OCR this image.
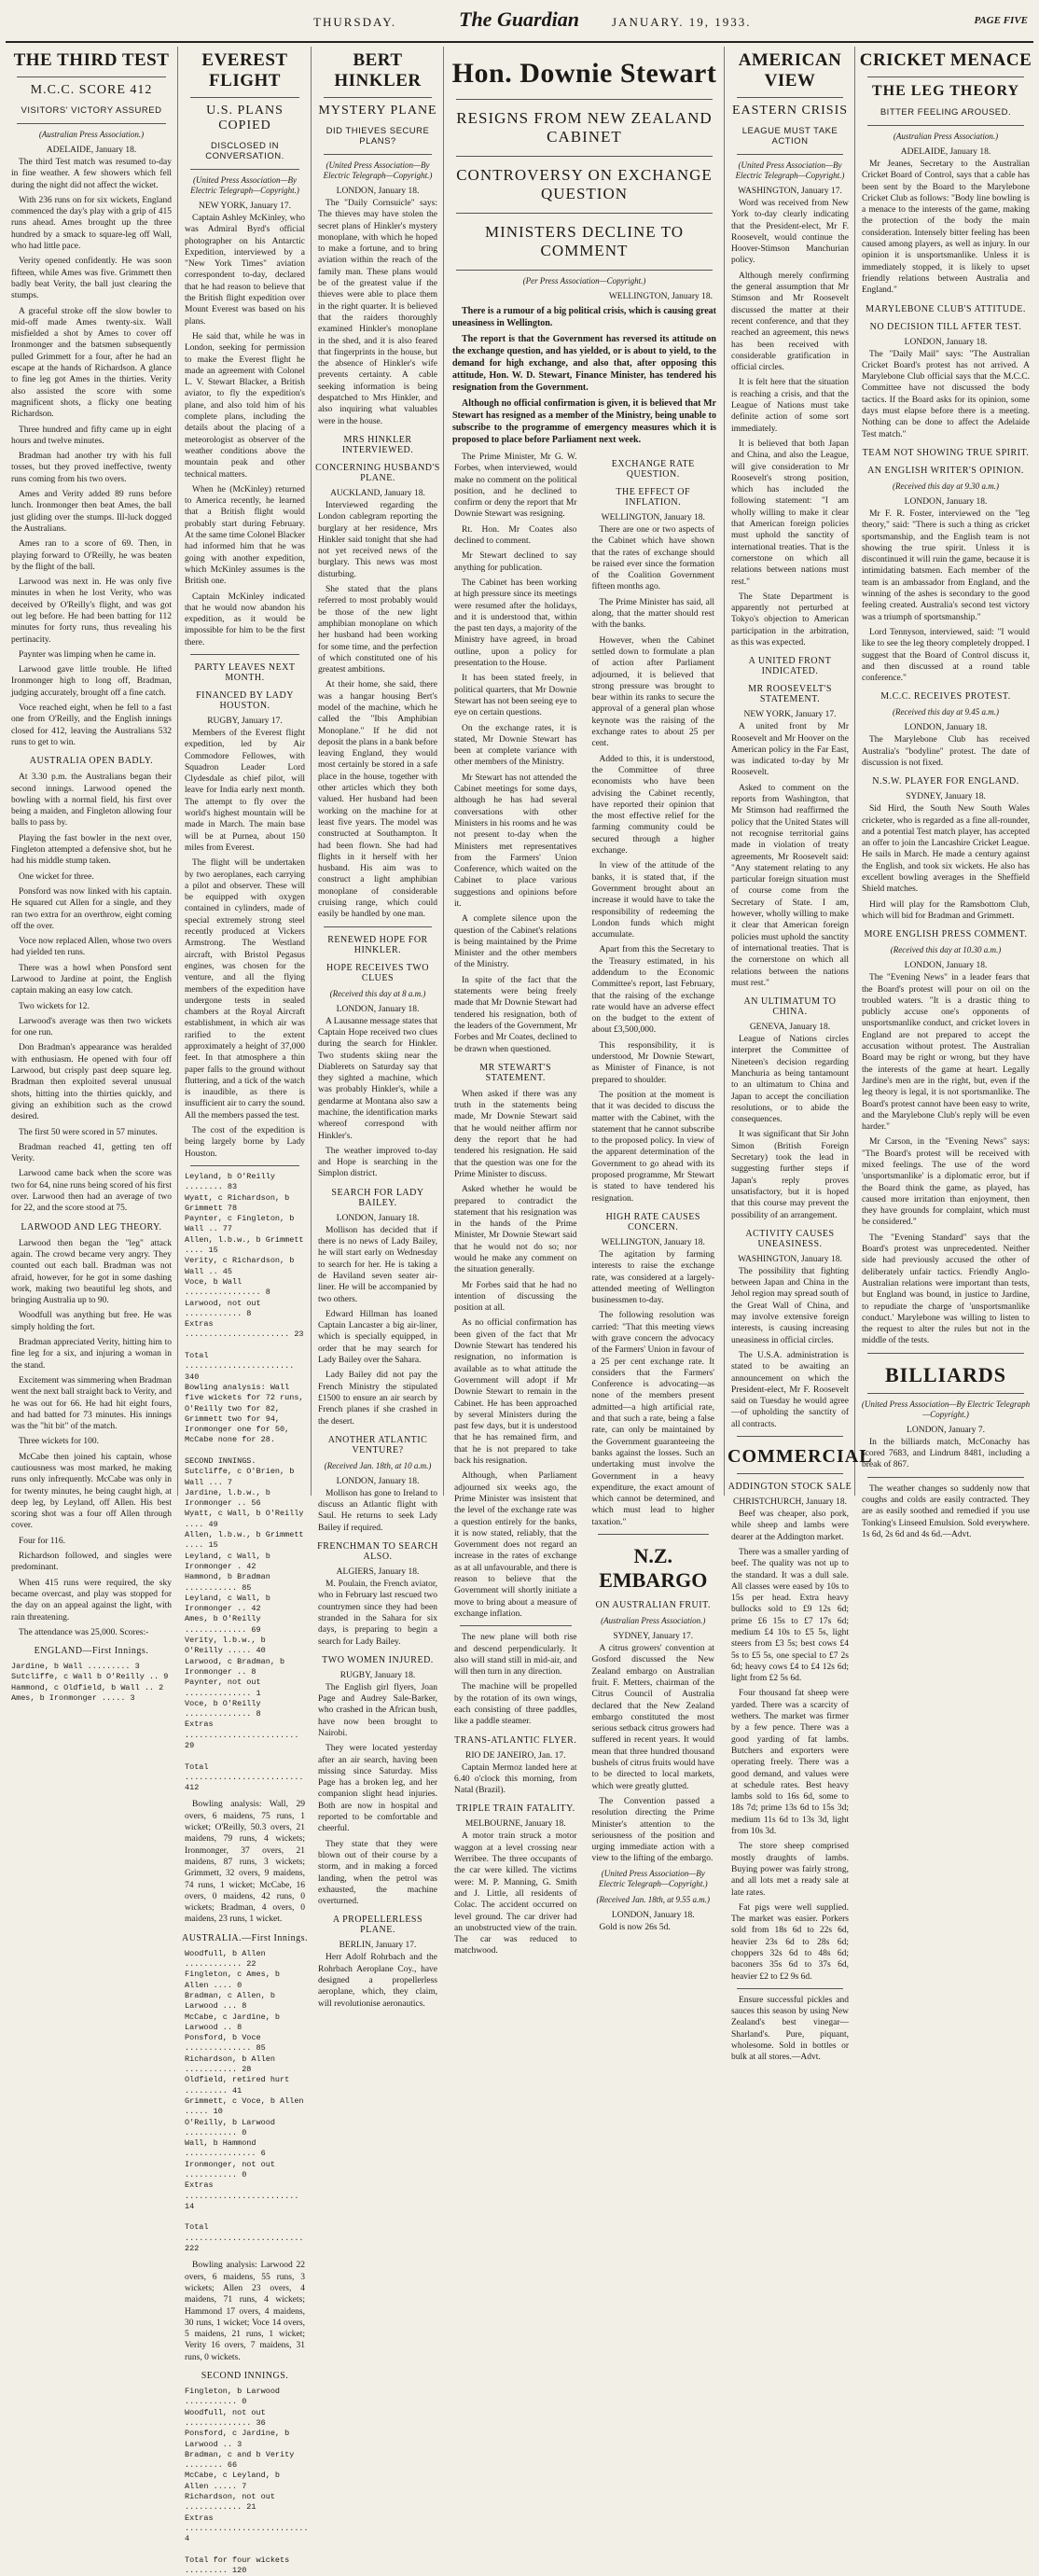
THURSDAY.	The Guardian	JANUARY. 19, 1933.	PAGE FIVE
THE THIRD TEST
M.C.C. SCORE 412
VISITORS' VICTORY ASSURED
(Australian Press Association.)
ADELAIDE, January 18.
The third Test match was resumed to-day in fine weather. A few showers which fell during the night did not affect the wicket.
With 236 runs on for six wickets, England commenced the day's play with a grip of 415 runs ahead. Ames brought up the three hundred by a smack to square-leg off Wall, who had little pace.
Verity opened confidently. He was soon fifteen, while Ames was five. Grimmett then badly beat Verity, the ball just clearing the stumps.
A graceful stroke off the slow bowler to mid-off made Ames twenty-six. Wall misfielded a shot by Ames to cover off Ironmonger and the batsmen subsequently pulled Grimmett for a four, after he had an escape at the hands of Richardson. A glance to fine leg got Ames in the thirties. Verity also assisted the score with some magnificent shots, a flicky one beating Richardson.
Three hundred and fifty came up in eight hours and twelve minutes.
Bradman had another try with his full tosses, but they proved ineffective, twenty runs coming from his two overs.
Ames and Verity added 89 runs before lunch. Ironmonger then beat Ames, the ball just gliding over the stumps. Ill-luck dogged the Australians.
Ames ran to a score of 69. Then, in playing forward to O'Reilly, he was beaten by the flight of the ball.
Larwood was next in. He was only five minutes in when he lost Verity, who was deceived by O'Reilly's flight, and was got out leg before. He had been batting for 112 minutes for forty runs, thus revealing his pertinacity.
Paynter was limping when he came in.
Larwood gave little trouble. He lifted Ironmonger high to long off, Bradman, judging accurately, brought off a fine catch.
Voce reached eight, when he fell to a fast one from O'Reilly, and the English innings closed for 412, leaving the Australians 532 runs to get to win.
AUSTRALIA OPEN BADLY.
At 3.30 p.m. the Australians began their second innings. Larwood opened the bowling with a normal field, his first over being a maiden, and Fingleton allowing four balls to pass by.
Playing the fast bowler in the next over, Fingleton attempted a defensive shot, but he had his middle stump taken.
One wicket for three.
Ponsford was now linked with his captain. He squared cut Allen for a single, and they ran two extra for an overthrow, eight coming off the over.
Voce now replaced Allen, whose two overs had yielded ten runs.
There was a howl when Ponsford sent Larwood to Jardine at point, the English captain making an easy low catch.
Two wickets for 12.
Larwood's average was then two wickets for one run.
Don Bradman's appearance was heralded with enthusiasm. He opened with four off Larwood, but crisply past deep square leg. Bradman then exploited several unusual shots, hitting into the thirties quickly, and giving an exhibition such as the crowd desired.
The first 50 were scored in 57 minutes.
Bradman reached 41, getting ten off Verity.
Larwood came back when the score was two for 64, nine runs being scored of his first over. Larwood then had an average of two for 22, and the score stood at 75.
LARWOOD AND LEG THEORY.
Larwood then began the "leg" attack again. The crowd became very angry. They counted out each ball. Bradman was not afraid, however, for he got in some dashing work, making two beautiful leg shots, and bringing Australia up to 90.
Woodfull was anything but free. He was simply holding the fort.
Bradman appreciated Verity, hitting him to fine leg for a six, and injuring a woman in the stand.
Excitement was simmering when Bradman went the next ball straight back to Verity, and he was out for 66. He had hit eight fours, and had batted for 73 minutes. His innings was the "hit bit" of the match.
Three wickets for 100.
McCabe then joined his captain, whose cautiousness was most marked, he making runs only infrequently. McCabe was only in for twenty minutes, he being caught high, at deep leg, by Leyland, off Allen. His best scoring shot was a four off Allen through cover.
Four for 116.
Richardson followed, and singles were predominant.
When 415 runs were required, the sky became overcast, and play was stopped for the day on an appeal against the light, with rain threatening.
The attendance was 25,000. Scores:-
ENGLAND—First Innings.
Jardine, b Wall ......... 3
Sutcliffe, c Wall b O'Reilly .. 9
Hammond, c Oldfield, b Wall .. 2
Ames, b Ironmonger ..... 3
EVEREST FLIGHT
U.S. PLANS COPIED
DISCLOSED IN CONVERSATION.
(United Press Association—By Electric Telegraph—Copyright.)
NEW YORK, January 17.
Captain Ashley McKinley, who was Admiral Byrd's official photographer on his Antarctic Expedition, interviewed by a "New York Times" aviation correspondent to-day, declared that he had reason to believe that the British flight expedition over Mount Everest was based on his plans.
He said that, while he was in London, seeking for permission to make the Everest flight he made an agreement with Colonel L. V. Stewart Blacker, a British aviator, to fly the expedition's plane, and also told him of his complete plans, including the details about the placing of a meteorologist as observer of the weather conditions above the mountain peak and other technical matters.
When he (McKinley) returned to America recently, he learned that a British flight would probably start during February. At the same time Colonel Blacker had informed him that he was going with another expedition, which McKinley assumes is the British one.
Captain McKinley indicated that he would now abandon his expedition, as it would be impossible for him to be the first there.
PARTY LEAVES NEXT MONTH.
FINANCED BY LADY HOUSTON.
RUGBY, January 17.
Members of the Everest flight expedition, led by Air Commodore Fellowes, with Squadron Leader Lord Clydesdale as chief pilot, will leave for India early next month. The attempt to fly over the world's highest mountain will be made in March. The main base will be at Purnea, about 150 miles from Everest.
The flight will be undertaken by two aeroplanes, each carrying a pilot and observer. These will be equipped with oxygen contained in cylinders, made of special extremely strong steel recently produced at Vickers Armstrong. The Westland aircraft, with Bristol Pegasus engines, was chosen for the venture, and all the flying members of the expedition have undergone tests in sealed chambers at the Royal Aircraft establishment, in which air was rarified to the extent approximately a height of 37,000 feet. In that atmosphere a thin paper falls to the ground without fluttering, and a tick of the watch is inaudible, as there is insufficient air to carry the sound. All the members passed the test.
The cost of the expedition is being largely borne by Lady Houston.
Leyland, b O'Reilly ........ 83
Wyatt, c Richardson, b Grimmett 78
Paynter, c Fingleton, b Wall .. 77
Allen, l.b.w., b Grimmett .... 15
Verity, c Richardson, b Wall .. 45
Voce, b Wall ................ 8
Larwood, not out ............ 8
Extras ...................... 23

Total ....................... 340
Bowling analysis: Wall five wickets for 72 runs, O'Reilly two for 82, Grimmett two for 94, Ironmonger one for 50, McCabe none for 28.

SECOND INNINGS.
Sutcliffe, c O'Brien, b Wall ... 7
Jardine, l.b.w., b Ironmonger .. 56
Wyatt, c Wall, b O'Reilly .... 49
Allen, l.b.w., b Grimmett .... 15
Leyland, c Wall, b Ironmonger . 42
Hammond, b Bradman ........... 85
Leyland, c Wall, b Ironmonger .. 42
Ames, b O'Reilly ............. 69
Verity, l.b.w., b O'Reilly ..... 40
Larwood, c Bradman, b Ironmonger .. 8
Paynter, not out .............. 1
Voce, b O'Reilly .............. 8
Extras ........................ 29

Total ......................... 412
Bowling analysis: Wall, 29 overs, 6 maidens, 75 runs, 1 wicket; O'Reilly, 50.3 overs, 21 maidens, 79 runs, 4 wickets; Ironmonger, 37 overs, 21 maidens, 87 runs, 3 wickets; Grimmett, 32 overs, 9 maidens, 74 runs, 1 wicket; McCabe, 16 overs, 0 maidens, 42 runs, 0 wickets; Bradman, 4 overs, 0 maidens, 23 runs, 1 wicket.
AUSTRALIA.—First Innings.
Woodfull, b Allen ............ 22
Fingleton, c Ames, b Allen .... 0
Bradman, c Allen, b Larwood ... 8
McCabe, c Jardine, b Larwood .. 8
Ponsford, b Voce .............. 85
Richardson, b Allen ........... 28
Oldfield, retired hurt ......... 41
Grimmett, c Voce, b Allen ..... 10
O'Reilly, b Larwood ........... 0
Wall, b Hammond ............... 6
Ironmonger, not out ........... 0
Extras ........................ 14

Total ......................... 222
Bowling analysis: Larwood 22 overs, 6 maidens, 55 runs, 3 wickets; Allen 23 overs, 4 maidens, 71 runs, 4 wickets; Hammond 17 overs, 4 maidens, 30 runs, 1 wicket; Voce 14 overs, 5 maidens, 21 runs, 1 wicket; Verity 16 overs, 7 maidens, 31 runs, 0 wickets.
SECOND INNINGS.
Fingleton, b Larwood ........... 0
Woodfull, not out .............. 36
Ponsford, c Jardine, b Larwood .. 3
Bradman, c and b Verity ........ 66
McCabe, c Leyland, b Allen ..... 7
Richardson, not out ............ 21
Extras .......................... 4

Total for four wickets ......... 120
BERT HINKLER
MYSTERY PLANE
DID THIEVES SECURE PLANS?
(United Press Association—By Electric Telegraph—Copyright.)
LONDON, January 18.
The "Daily Cornsuicle" says: The thieves may have stolen the secret plans of Hinkler's mystery monoplane, with which he hoped to make a fortune, and to bring aviation within the reach of the family man. These plans would be of the greatest value if the thieves were able to place them in the right quarter. It is believed that the raiders thoroughly examined Hinkler's monoplane in the shed, and it is also feared that fingerprints in the house, but the absence of Hinkler's wife prevents certainty. A cable seeking information is being despatched to Mrs Hinkler, and also inquiring what valuables were in the house.
MRS HINKLER INTERVIEWED.
CONCERNING HUSBAND'S PLANE.
AUCKLAND, January 18.
Interviewed regarding the London cablegram reporting the burglary at her residence, Mrs Hinkler said tonight that she had not yet received news of the burglary. This news was most disturbing.
She stated that the plans referred to most probably would be those of the new light amphibian monoplane on which her husband had been working for some time, and the perfection of which constituted one of his greatest ambitions.
At their home, she said, there was a hangar housing Bert's model of the machine, which he called the "Ibis Amphibian Monoplane." If he did not deposit the plans in a bank before leaving England, they would most certainly be stored in a safe place in the house, together with other articles which they both valued. Her husband had been working on the machine for at least five years. The model was constructed at Southampton. It had been flown. She had had flights in it herself with her husband. His aim was to construct a light amphibian monoplane of considerable cruising range, which could easily be handled by one man.
RENEWED HOPE FOR HINKLER.
HOPE RECEIVES TWO CLUES
(Received this day at 8 a.m.)
LONDON, January 18.
A Lausanne message states that Captain Hope received two clues during the search for Hinkler. Two students skiing near the Diablerets on Saturday say that they sighted a machine, which was probably Hinkler's, while a gendarme at Montana also saw a machine, the identification marks whereof correspond with Hinkler's.
The weather improved to-day and Hope is searching in the Simplon district.
SEARCH FOR LADY BAILEY.
LONDON, January 18.
Mollison has decided that if there is no news of Lady Bailey, he will start early on Wednesday to search for her. He is taking a de Haviland seven seater air-liner. He will be accompanied by two others.
Edward Hillman has loaned Captain Lancaster a big air-liner, which is specially equipped, in order that he may search for Lady Bailey over the Sahara.
Lady Bailey did not pay the French Ministry the stipulated £1500 to ensure an air search by French planes if she crashed in the desert.
ANOTHER ATLANTIC VENTURE?
(Received Jan. 18th, at 10 a.m.)
LONDON, January 18.
Mollison has gone to Ireland to discuss an Atlantic flight with Saul. He returns to seek Lady Bailey if required.
FRENCHMAN TO SEARCH ALSO.
ALGIERS, January 18.
M. Poulain, the French aviator, who in February last rescued two countrymen since they had been stranded in the Sahara for six days, is preparing to begin a search for Lady Bailey.
TWO WOMEN INJURED.
RUGBY, January 18.
The English girl flyers, Joan Page and Audrey Sale-Barker, who crashed in the African bush, have now been brought to Nairobi.
They were located yesterday after an air search, having been missing since Saturday. Miss Page has a broken leg, and her companion slight head injuries. Both are now in hospital and reported to be comfortable and cheerful.
They state that they were blown out of their course by a storm, and in making a forced landing, when the petrol was exhausted, the machine overturned.
A PROPELLERLESS PLANE.
BERLIN, January 17.
Herr Adolf Rohrbach and the Rohrbach Aeroplane Coy., have designed a propellerless aeroplane, which, they claim, will revolutionise aeronautics.
Hon. Downie Stewart
RESIGNS FROM NEW ZEALAND CABINET
CONTROVERSY ON EXCHANGE QUESTION
MINISTERS DECLINE TO COMMENT
(Per Press Association—Copyright.)
WELLINGTON, January 18.
There is a rumour of a big political crisis, which is causing great uneasiness in Wellington.
The report is that the Government has reversed its attitude on the exchange question, and has yielded, or is about to yield, to the demand for high exchange, and also that, after opposing this attitude, Hon. W. D. Stewart, Finance Minister, has tendered his resignation from the Government.
Although no official confirmation is given, it is believed that Mr Stewart has resigned as a member of the Ministry, being unable to subscribe to the programme of emergency measures which it is proposed to place before Parliament next week.
The Prime Minister, Mr G. W. Forbes, when interviewed, would make no comment on the political position, and he declined to confirm or deny the report that Mr Downie Stewart was resigning.
Rt. Hon. Mr Coates also declined to comment.
Mr Stewart declined to say anything for publication.
The Cabinet has been working at high pressure since its meetings were resumed after the holidays, and it is understood that, within the past ten days, a majority of the Ministry have agreed, in broad outline, upon a policy for presentation to the House.
It has been stated freely, in political quarters, that Mr Downie Stewart has not been seeing eye to eye on certain questions.
On the exchange rates, it is stated, Mr Downie Stewart has been at complete variance with other members of the Ministry.
Mr Stewart has not attended the Cabinet meetings for some days, although he has had several conversations with other Ministers in his rooms and he was not present to-day when the Ministers met representatives from the Farmers' Union Conference, which waited on the Cabinet to place various suggestions and opinions before it.
A complete silence upon the question of the Cabinet's relations is being maintained by the Prime Minister and the other members of the Ministry.
In spite of the fact that the statements were being freely made that Mr Downie Stewart had tendered his resignation, both of the leaders of the Government, Mr Forbes and Mr Coates, declined to be drawn when questioned.
MR STEWART'S STATEMENT.
When asked if there was any truth in the statements being made, Mr Downie Stewart said that he would neither affirm nor deny the report that he had tendered his resignation. He said that the question was one for the Prime Minister to discuss.
Asked whether he would be prepared to contradict the statement that his resignation was in the hands of the Prime Minister, Mr Downie Stewart said that he would not do so; nor would he make any comment on the situation generally.
Mr Forbes said that he had no intention of discussing the position at all.
As no official confirmation has been given of the fact that Mr Downie Stewart has tendered his resignation, no information is available as to what attitude the Government will adopt if Mr Downie Stewart to remain in the Cabinet. He has been approached by several Ministers during the past few days, but it is understood that he has remained firm, and that he is not prepared to take back his resignation.
Although, when Parliament adjourned six weeks ago, the Prime Minister was insistent that the level of the exchange rate was a question entirely for the banks, it is now stated, reliably, that the Government does not regard an increase in the rates of exchange as at all unfavourable, and there is reason to believe that the Government will shortly initiate a move to bring about a measure of exchange inflation.
The new plane will both rise and descend perpendicularly. It also will stand still in mid-air, and will then turn in any direction.
The machine will be propelled by the rotation of its own wings, each consisting of three paddles, like a paddle steamer.
TRANS-ATLANTIC FLYER.
RIO DE JANEIRO, Jan. 17.
Captain Mermoz landed here at 6.40 o'clock this morning, from Natal (Brazil).
TRIPLE TRAIN FATALITY.
MELBOURNE, January 18.
A motor train struck a motor waggon at a level crossing near Werribee. The three occupants of the car were killed. The victims were: M. P. Manning, G. Smith and J. Little, all residents of Colac. The accident occurred on level ground. The car driver had an unobstructed view of the train. The car was reduced to matchwood.
EXCHANGE RATE QUESTION.
THE EFFECT OF INFLATION.
WELLINGTON, January 18.
There are one or two aspects of the Cabinet which have shown that the rates of exchange should be raised ever since the formation of the Coalition Government fifteen months ago.
The Prime Minister has said, all along, that the matter should rest with the banks.
However, when the Cabinet settled down to formulate a plan of action after Parliament adjourned, it is believed that strong pressure was brought to bear within its ranks to secure the approval of a general plan whose keynote was the raising of the exchange rates to about 25 per cent.
Added to this, it is understood, the Committee of three economists who have been advising the Cabinet recently, have reported their opinion that the most effective relief for the farming community could be secured through a higher exchange.
In view of the attitude of the banks, it is stated that, if the Government brought about an increase it would have to take the responsibility of redeeming the London funds which might accumulate.
Apart from this the Secretary to the Treasury estimated, in his addendum to the Economic Committee's report, last February, that the raising of the exchange rate would have an adverse effect on the budget to the extent of about £3,500,000.
This responsibility, it is understood, Mr Downie Stewart, as Minister of Finance, is not prepared to shoulder.
The position at the moment is that it was decided to discuss the matter with the Cabinet, with the statement that he cannot subscribe to the proposed policy. In view of the apparent determination of the Government to go ahead with its proposed programme, Mr Stewart is stated to have tendered his resignation.
HIGH RATE CAUSES CONCERN.
WELLINGTON, January 18.
The agitation by farming interests to raise the exchange rate, was considered at a largely-attended meeting of Wellington businessmen to-day.
The following resolution was carried: "That this meeting views with grave concern the advocacy of the Farmers' Union in favour of a 25 per cent exchange rate. It considers that the Farmers' Conference is advocating—as none of the members present admitted—a high artificial rate, and that such a rate, being a false rate, can only be maintained by the Government guaranteeing the banks against the losses. Such an undertaking must involve the Government in a heavy expenditure, the exact amount of which cannot be determined, and which must lead to higher taxation."
N.Z. EMBARGO
ON AUSTRALIAN FRUIT.
(Australian Press Association.)
SYDNEY, January 17.
A citrus growers' convention at Gosford discussed the New Zealand embargo on Australian fruit. F. Metters, chairman of the Citrus Council of Australia declared that the New Zealand embargo constituted the most serious setback citrus growers had suffered in recent years. It would mean that three hundred thousand bushels of citrus fruits would have to be directed to local markets, which were greatly glutted.
The Convention passed a resolution directing the Prime Minister's attention to the seriousness of the position and urging immediate action with a view to the lifting of the embargo.
(United Press Association—By Electric Telegraph—Copyright.)
(Received Jan. 18th, at 9.55 a.m.)
LONDON, January 18.
Gold is now 26s 5d.
AMERICAN VIEW
EASTERN CRISIS
LEAGUE MUST TAKE ACTION
(United Press Association—By Electric Telegraph—Copyright.)
WASHINGTON, January 17.
Word was received from New York to-day clearly indicating that the President-elect, Mr F. Roosevelt, would continue the Hoover-Stimson Manchurian policy.
Although merely confirming the general assumption that Mr Stimson and Mr Roosevelt discussed the matter at their recent conference, and that they reached an agreement, this news has been received with considerable gratification in official circles.
It is felt here that the situation is reaching a crisis, and that the League of Nations must take definite action of some sort immediately.
It is believed that both Japan and China, and also the League, will give consideration to Mr Roosevelt's strong position, which has included the following statement: "I am wholly willing to make it clear that American foreign policies must uphold the sanctity of international treaties. That is the cornerstone on which all relations between nations must rest."
The State Department is apparently not perturbed at Tokyo's objection to American participation in the arbitration, as this was expected.
A UNITED FRONT INDICATED.
MR ROOSEVELT'S STATEMENT.
NEW YORK, January 17.
A united front by Mr Roosevelt and Mr Hoover on the American policy in the Far East, was indicated to-day by Mr Roosevelt.
Asked to comment on the reports from Washington, that Mr Stimson had reaffirmed the policy that the United States will not recognise territorial gains made in violation of treaty agreements, Mr Roosevelt said: "Any statement relating to any particular foreign situation must of course come from the Secretary of State. I am, however, wholly willing to make it clear that American foreign policies must uphold the sanctity of international treaties. That is the cornerstone on which all relations between the nations must rest."
AN ULTIMATUM TO CHINA.
GENEVA, January 18.
League of Nations circles interpret the Committee of Nineteen's decision regarding Manchuria as being tantamount to an ultimatum to China and Japan to accept the conciliation resolutions, or to abide the consequences.
It was significant that Sir John Simon (British Foreign Secretary) took the lead in suggesting further steps if Japan's reply proves unsatisfactory, but it is hoped that this course may prevent the possibility of an arrangement.
ACTIVITY CAUSES UNEASINESS.
WASHINGTON, January 18.
The possibility that fighting between Japan and China in the Jehol region may spread south of the Great Wall of China, and may involve extensive foreign interests, is causing increasing uneasiness in official circles.
The U.S.A. administration is stated to be awaiting an announcement on which the President-elect, Mr F. Roosevelt said on Tuesday he would agree—of upholding the sanctity of all contracts.
COMMERCIAL
ADDINGTON STOCK SALE
CHRISTCHURCH, January 18.
Beef was cheaper, also pork, while sheep and lambs were dearer at the Addington market.
There was a smaller yarding of beef. The quality was not up to the standard. It was a dull sale. All classes were eased by 10s to 15s per head. Extra heavy bullocks sold to £9 12s 6d; prime £6 15s to £7 17s 6d; medium £4 10s to £5 5s, light steers from £3 5s; best cows £4 5s to £5 5s, one special to £7 2s 6d; heavy cows £4 to £4 12s 6d; light from £2 5s 6d.
Four thousand fat sheep were yarded. There was a scarcity of wethers. The market was firmer by a few pence. There was a good yarding of fat lambs. Butchers and exporters were operating freely. There was a good demand, and values were at schedule rates. Best heavy lambs sold to 16s 6d, some to 18s 7d; prime 13s 6d to 15s 3d; medium 11s 6d to 13s 3d, light from 10s 3d.
The store sheep comprised mostly draughts of lambs. Buying power was fairly strong, and all lots met a ready sale at late rates.
Fat pigs were well supplied. The market was easier. Porkers sold from 18s 6d to 22s 6d, heavier 23s 6d to 28s 6d; choppers 32s 6d to 48s 6d; baconers 35s 6d to 37s 6d, heavier £2 to £2 9s 6d.
Ensure successful pickles and sauces this season by using New Zealand's best vinegar—Sharland's. Pure, piquant, wholesome. Sold in bottles or bulk at all stores.—Advt.
CRICKET MENACE
THE LEG THEORY
BITTER FEELING AROUSED.
(Australian Press Association.)
ADELAIDE, January 18.
Mr Jeanes, Secretary to the Australian Cricket Board of Control, says that a cable has been sent by the Board to the Marylebone Cricket Club as follows: "Body line bowling is a menace to the interests of the game, making the protection of the body the main consideration. Intensely bitter feeling has been caused among players, as well as injury. In our opinion it is unsportsmanlike. Unless it is immediately stopped, it is likely to upset friendly relations between Australia and England."
MARYLEBONE CLUB'S ATTITUDE.
NO DECISION TILL AFTER TEST.
LONDON, January 18.
The "Daily Mail" says: "The Australian Cricket Board's protest has not arrived. A Marylebone Club official says that the M.C.C. Committee have not discussed the body tactics. If the Board asks for its opinion, some days must elapse before there is a meeting. Nothing can be done to affect the Adelaide Test match."
TEAM NOT SHOWING TRUE SPIRIT.
AN ENGLISH WRITER'S OPINION.
(Received this day at 9.30 a.m.)
LONDON, January 18.
Mr F. R. Foster, interviewed on the "leg theory," said: "There is such a thing as cricket sportsmanship, and the English team is not showing the true spirit. Unless it is discontinued it will ruin the game, because it is intimidating batsmen. Each member of the team is an ambassador from England, and the winning of the ashes is secondary to the good feeling created. Australia's second test victory was a triumph of sportsmanship."
Lord Tennyson, interviewed, said: "I would like to see the leg theory completely dropped. I suggest that the Board of Control discuss it, and then discussed at a round table conference."
M.C.C. RECEIVES PROTEST.
(Received this day at 9.45 a.m.)
LONDON, January 18.
The Marylebone Club has received Australia's "bodyline" protest. The date of discussion is not fixed.
N.S.W. PLAYER FOR ENGLAND.
SYDNEY, January 18.
Sid Hird, the South New South Wales cricketer, who is regarded as a fine all-rounder, and a potential Test match player, has accepted an offer to join the Lancashire Cricket League. He sails in March. He made a century against the English, and took six wickets. He also has excellent bowling averages in the Sheffield Shield matches.
Hird will play for the Ramsbottom Club, which will bid for Bradman and Grimmett.
MORE ENGLISH PRESS COMMENT.
(Received this day at 10.30 a.m.)
LONDON, January 18.
The "Evening News" in a leader fears that the Board's protest will pour on oil on the troubled waters. "It is a drastic thing to publicly accuse one's opponents of unsportsmanlike conduct, and cricket lovers in England are not prepared to accept the accusation without protest. The Australian Board may be right or wrong, but they have the interests of the game at heart. Legally Jardine's men are in the right, but, even if the leg theory is legal, it is not sportsmanlike. The Board's protest cannot have been easy to write, and the Marylebone Club's reply will be even harder."
Mr Carson, in the "Evening News" says: "The Board's protest will be received with mixed feelings. The use of the word 'unsportsmanlike' is a diplomatic error, but if the Board think the game, as played, has caused more irritation than enjoyment, then they have grounds for complaint, which must be considered."
The "Evening Standard" says that the Board's protest was unprecedented. Neither side had previously accused the other of deliberately unfair tactics. Friendly Anglo-Australian relations were important than tests, but England was bound, in justice to Jardine, to repudiate the charge of 'unsportsmanlike conduct.' Marylebone was willing to listen to the request to alter the rules but not in the middle of the tests.
BILLIARDS
(United Press Association—By Electric Telegraph—Copyright.)
LONDON, January 7.
In the billiards match, McConachy has scored 7683, and Lindrum 8481, including a break of 867.
The weather changes so suddenly now that coughs and colds are easily contracted. They are as easily soothed and remedied if you use Tonking's Linseed Emulsion. Sold everywhere. 1s 6d, 2s 6d and 4s 6d.—Advt.
